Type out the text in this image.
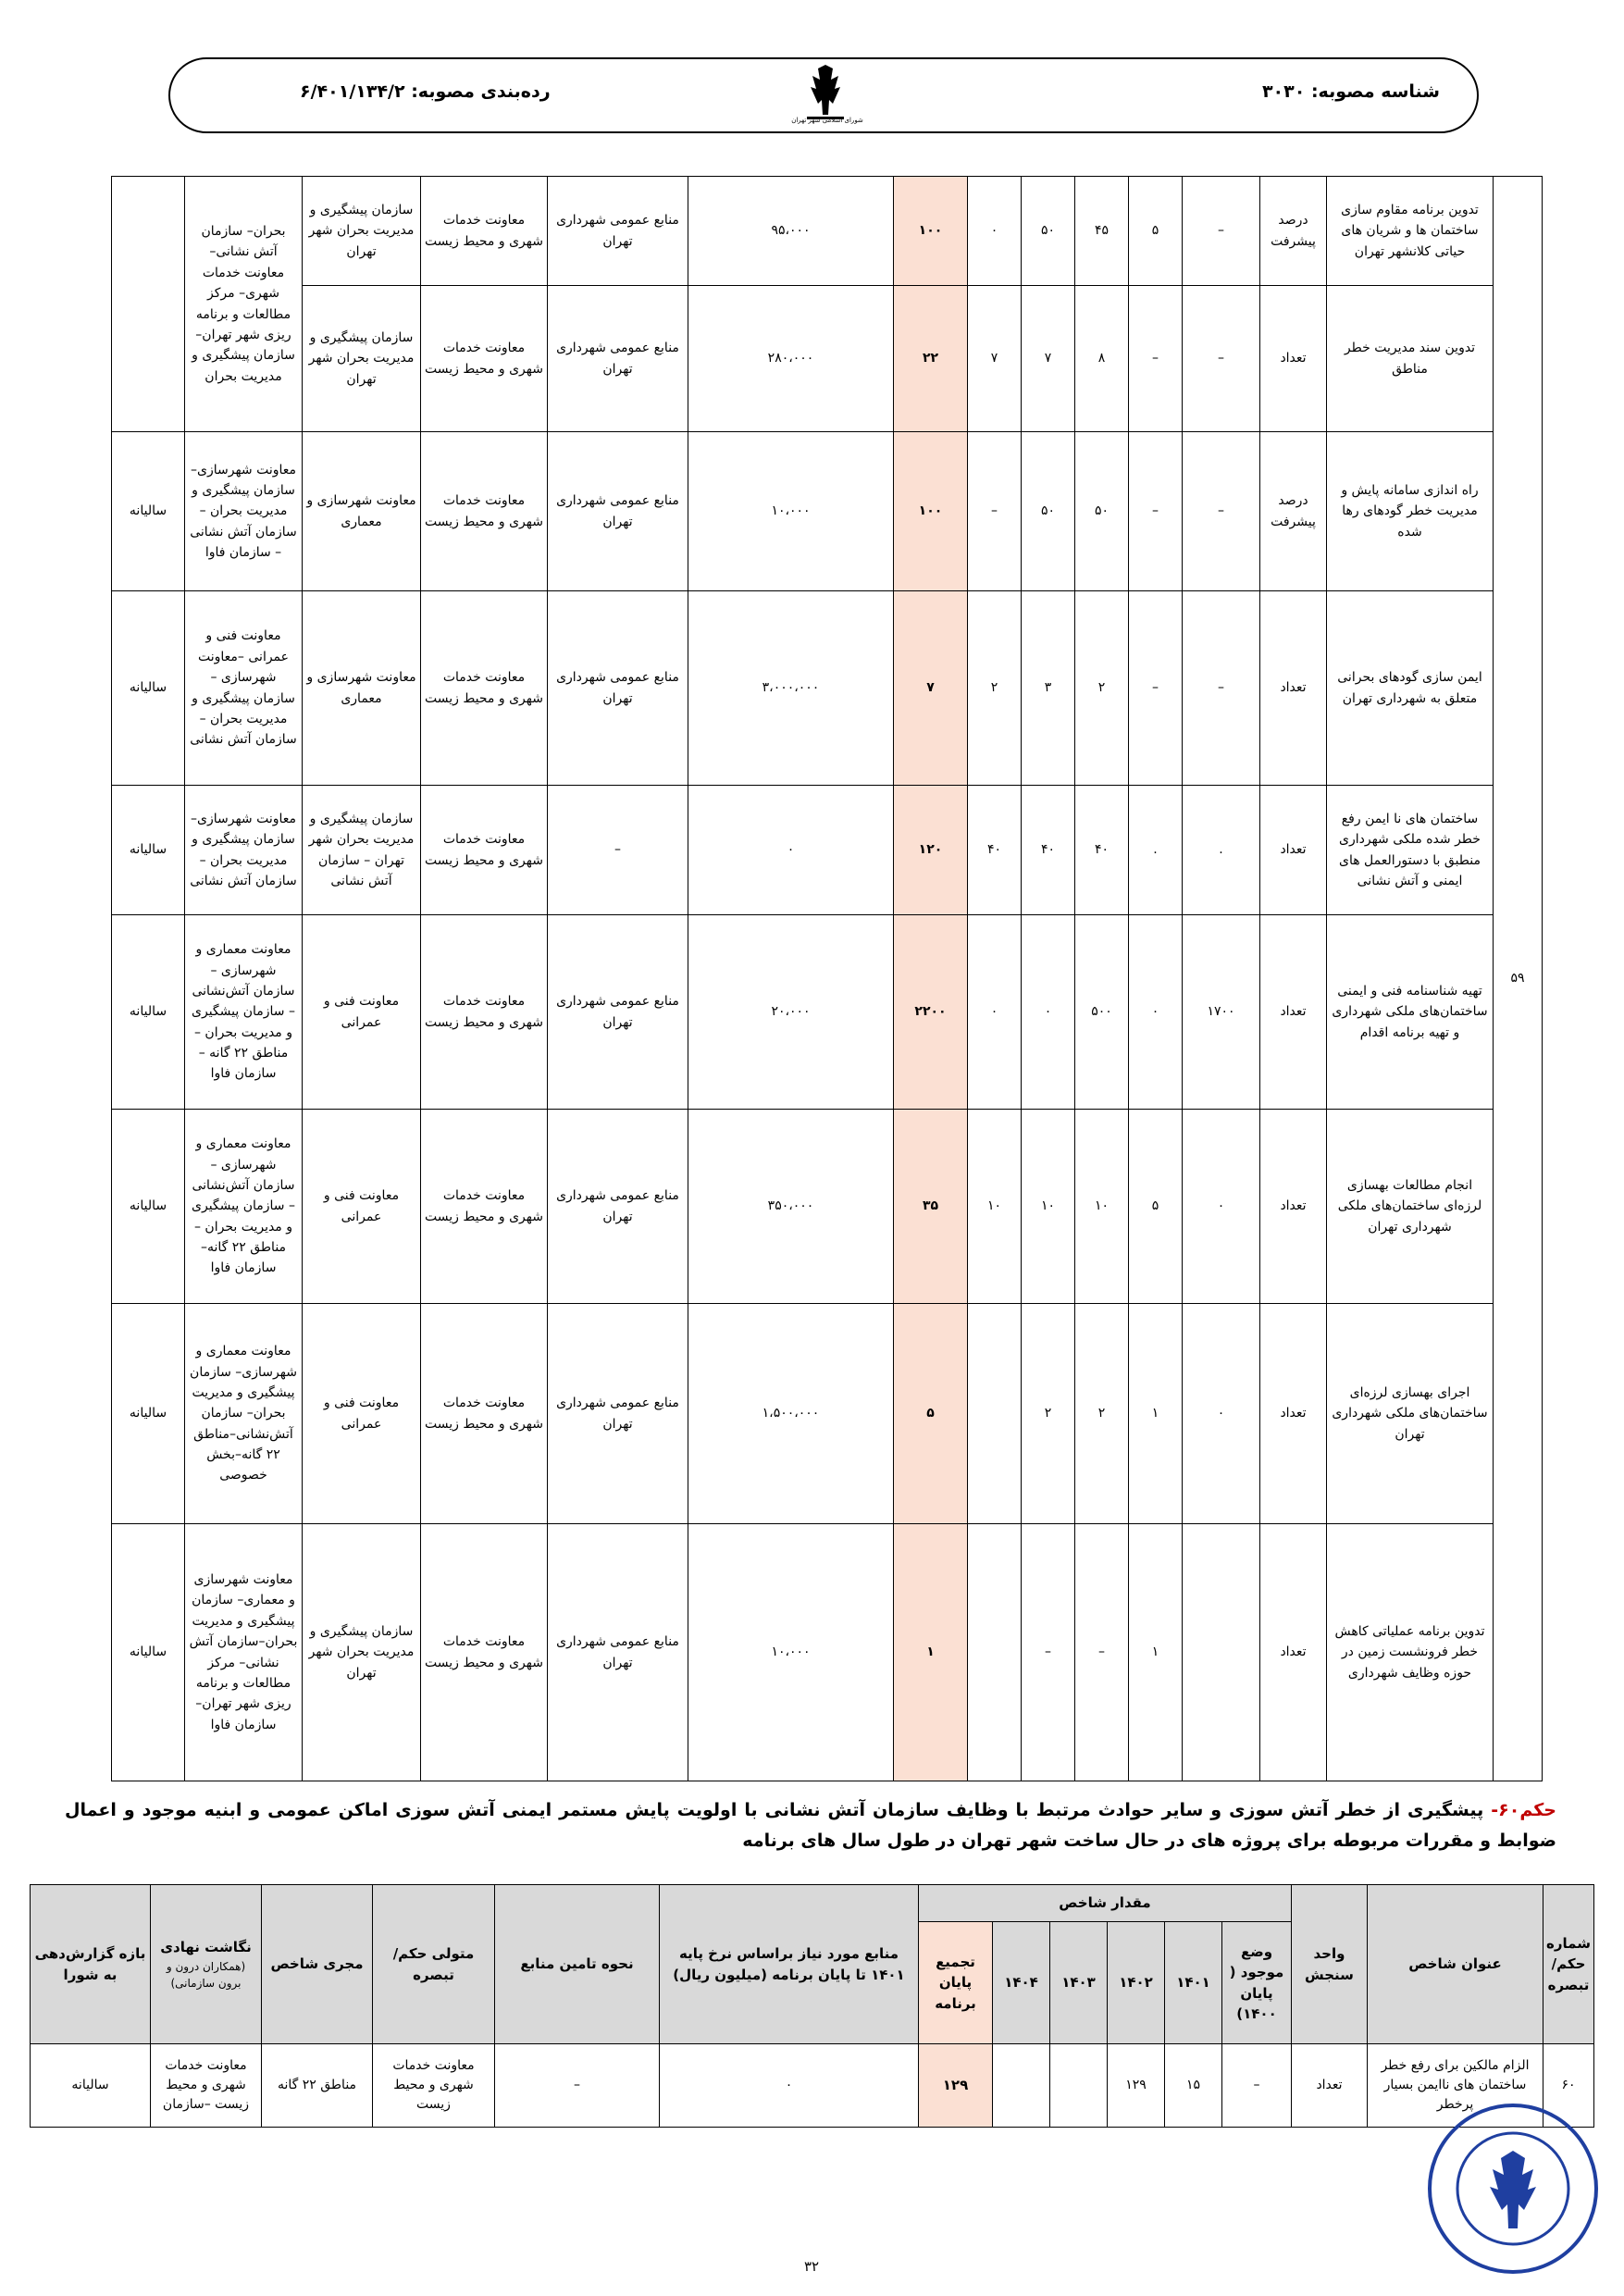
شناسه مصوبه: ۳۰۳۰
شورای اسلامی شهر تهران
رده‌بندی مصوبه: ۶/۴۰۱/۱۳۴/۲
۵۹	تدوین برنامه مقاوم سازی ساختمان ها و شریان های حیاتی کلانشهر تهران	درصد پیشرفت	–	۵	۴۵	۵۰	۰	۱۰۰	۹۵،۰۰۰	منابع عمومی شهرداری تهران	معاونت خدمات شهری و محیط زیست	سازمان پیشگیری و مدیریت بحران شهر تهران	بحران– سازمان آتش نشانی– معاونت خدمات شهری– مرکز مطالعات و برنامه ریزی شهر تهران– سازمان پیشگیری و مدیریت بحران	
	تدوین سند مدیریت خطر مناطق	تعداد	–	–	۸	۷	۷	۲۲	۲۸۰،۰۰۰	منابع عمومی شهرداری تهران	معاونت خدمات شهری و محیط زیست	سازمان پیشگیری و مدیریت بحران شهر تهران		
	راه اندازی سامانه پایش و مدیریت خطر گودهای رها شده	درصد پیشرفت	–	–	۵۰	۵۰	–	۱۰۰	۱۰،۰۰۰	منابع عمومی شهرداری تهران	معاونت خدمات شهری و محیط زیست	معاونت شهرسازی و معماری	معاونت شهرسازی– سازمان پیشگیری و مدیریت بحران – سازمان آتش نشانی – سازمان فاوا	سالیانه
	ایمن سازی گودهای بحرانی متعلق به شهرداری تهران	تعداد	–	–	۲	۳	۲	۷	۳،۰۰۰،۰۰۰	منابع عمومی شهرداری تهران	معاونت خدمات شهری و محیط زیست	معاونت شهرسازی و معماری	معاونت فنی و عمرانی –معاونت شهرسازی – سازمان پیشگیری و مدیریت بحران – سازمان آتش نشانی	سالیانه
	ساختمان های نا ایمن رفع خطر شده ملکی شهرداری منطبق با دستورالعمل های ایمنی و آتش نشانی	تعداد	.	.	۴۰	۴۰	۴۰	۱۲۰	۰	–	معاونت خدمات شهری و محیط زیست	سازمان پیشگیری و مدیریت بحران شهر تهران – سازمان آتش نشانی	معاونت شهرسازی– سازمان پیشگیری و مدیریت بحران – سازمان آتش نشانی	سالیانه
	تهیه شناسنامه فنی و ایمنی ساختمان‌های ملکی شهرداری و تهیه برنامه اقدام	تعداد	۱۷۰۰	۰	۵۰۰	۰	۰	۲۲۰۰	۲۰،۰۰۰	منابع عمومی شهرداری تهران	معاونت خدمات شهری و محیط زیست	معاونت فنی و عمرانی	معاونت معماری و شهرسازی – سازمان آتش‌نشانی – سازمان پیشگیری و مدیریت بحران – مناطق ۲۲ گانه – سازمان فاوا	سالیانه
	انجام مطالعات بهسازی لرزه‌ای ساختمان‌های ملکی شهرداری تهران	تعداد	۰	۵	۱۰	۱۰	۱۰	۳۵	۳۵۰،۰۰۰	منابع عمومی شهرداری تهران	معاونت خدمات شهری و محیط زیست	معاونت فنی و عمرانی	معاونت معماری و شهرسازی – سازمان آتش‌نشانی – سازمان پیشگیری و مدیریت بحران –مناطق ۲۲ گانه–سازمان فاوا	سالیانه
	اجرای بهسازی لرزه‌ای ساختمان‌های ملکی شهرداری تهران	تعداد	۰	۱	۲	۲		۵	۱،۵۰۰،۰۰۰	منابع عمومی شهرداری تهران	معاونت خدمات شهری و محیط زیست	معاونت فنی و عمرانی	معاونت معماری و شهرسازی– سازمان پیشگیری و مدیریت بحران– سازمان آتش‌نشانی–مناطق ۲۲ گانه–بخش خصوصی	سالیانه
	تدوین برنامه عملیاتی کاهش خطر فرونشست زمین در حوزه وظایف شهرداری	تعداد		۱	–	–		۱	۱۰،۰۰۰	منابع عمومی شهرداری تهران	معاونت خدمات شهری و محیط زیست	سازمان پیشگیری و مدیریت بحران شهر تهران	معاونت شهرسازی و معماری– سازمان پیشگیری و مدیریت بحران–سازمان آتش نشانی– مرکز مطالعات و برنامه ریزی شهر تهران– سازمان فاوا	سالیانه
حکم۶۰- پیشگیری از خطر آتش سوزی و سایر حوادث مرتبط با وظایف سازمان آتش نشانی با اولویت پایش مستمر ایمنی آتش سوزی اماکن عمومی و ابنیه موجود و اعمال ضوابط و مقررات مربوطه برای پروژه های در حال ساخت شهر تهران در طول سال های برنامه
شماره حکم/ تبصره	عنوان شاخص	واحد سنجش	مقدار شاخص						منابع مورد نیاز براساس نرخ پایه ۱۴۰۱ تا پایان برنامه (میلیون ریال)	نحوه تامین منابع	متولی حکم/تبصره	مجری شاخص	نگاشت نهادی
(همکاران درون و برون سازمانی)	بازه گزارش‌دهی به شورا
			وضع موجود ( پایان ۱۴۰۰)	۱۴۰۱	۱۴۰۲	۱۴۰۳	۱۴۰۴	تجمیع پایان برنامه						
۶۰	الزام مالکین برای رفع خطر ساختمان های ناایمن بسیار پرخطر	تعداد	–	۱۵	۱۲۹			۱۲۹	۰	–	معاونت خدمات شهری و محیط زیست	مناطق ۲۲ گانه	معاونت خدمات شهری و محیط زیست –سازمان	سالیانه
۳۲
